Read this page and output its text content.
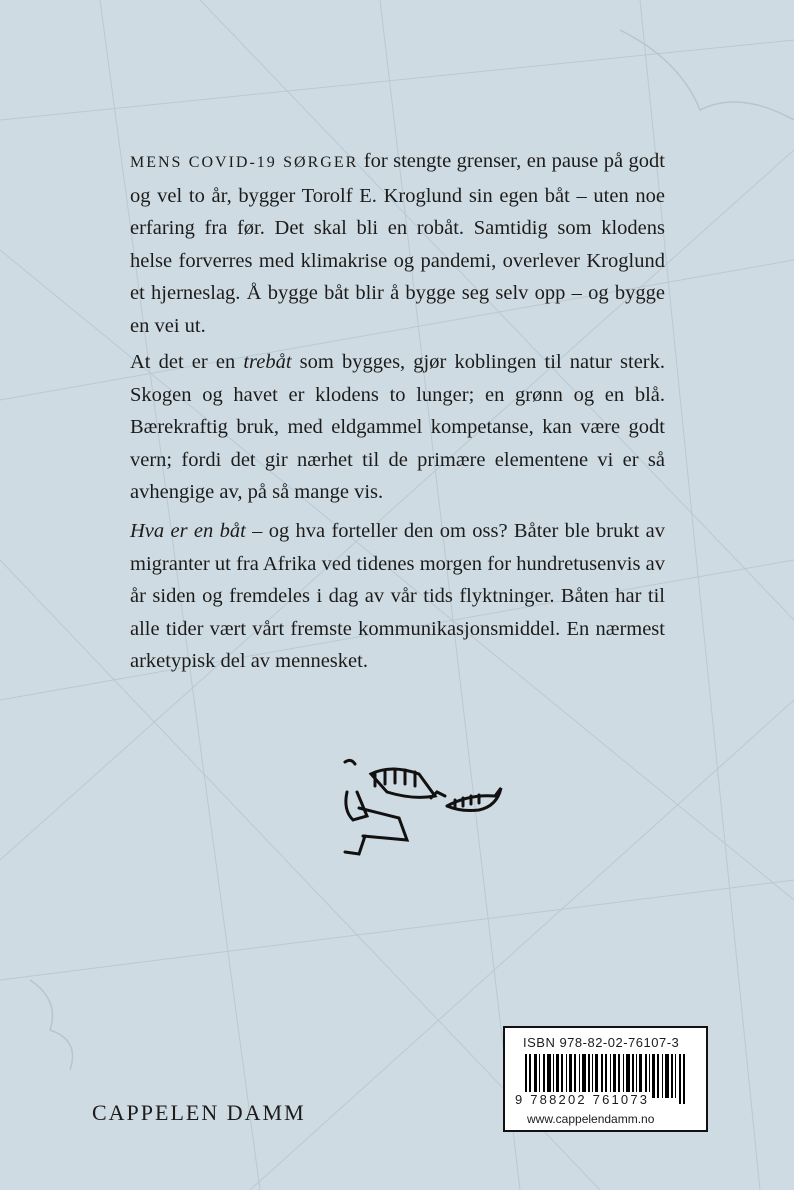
MENS COVID-19 SØRGER for stengte grenser, en pause på godt og vel to år, bygger Torolf E. Kroglund sin egen båt – uten noe erfaring fra før. Det skal bli en robåt. Samtidig som klodens helse forverres med klimakrise og pandemi, overlever Kroglund et hjerneslag. Å bygge båt blir å bygge seg selv opp – og bygge en vei ut.
At det er en trebåt som bygges, gjør koblingen til natur sterk. Skogen og havet er klodens to lunger; en grønn og en blå. Bærekraftig bruk, med eldgammel kompetanse, kan være godt vern; fordi det gir nærhet til de primære elementene vi er så avhengige av, på så mange vis.
Hva er en båt – og hva forteller den om oss? Båter ble brukt av migranter ut fra Afrika ved tidenes morgen for hundretusenvis av år siden og fremdeles i dag av vår tids flyktninger. Båten har til alle tider vært vårt fremste kommunikasjonsmiddel. En nærmest arketypisk del av mennesket.
ISBN 978-82-02-76107-3
9 788202 761073
www.cappelendamm.no
CAPPELEN DAMM
